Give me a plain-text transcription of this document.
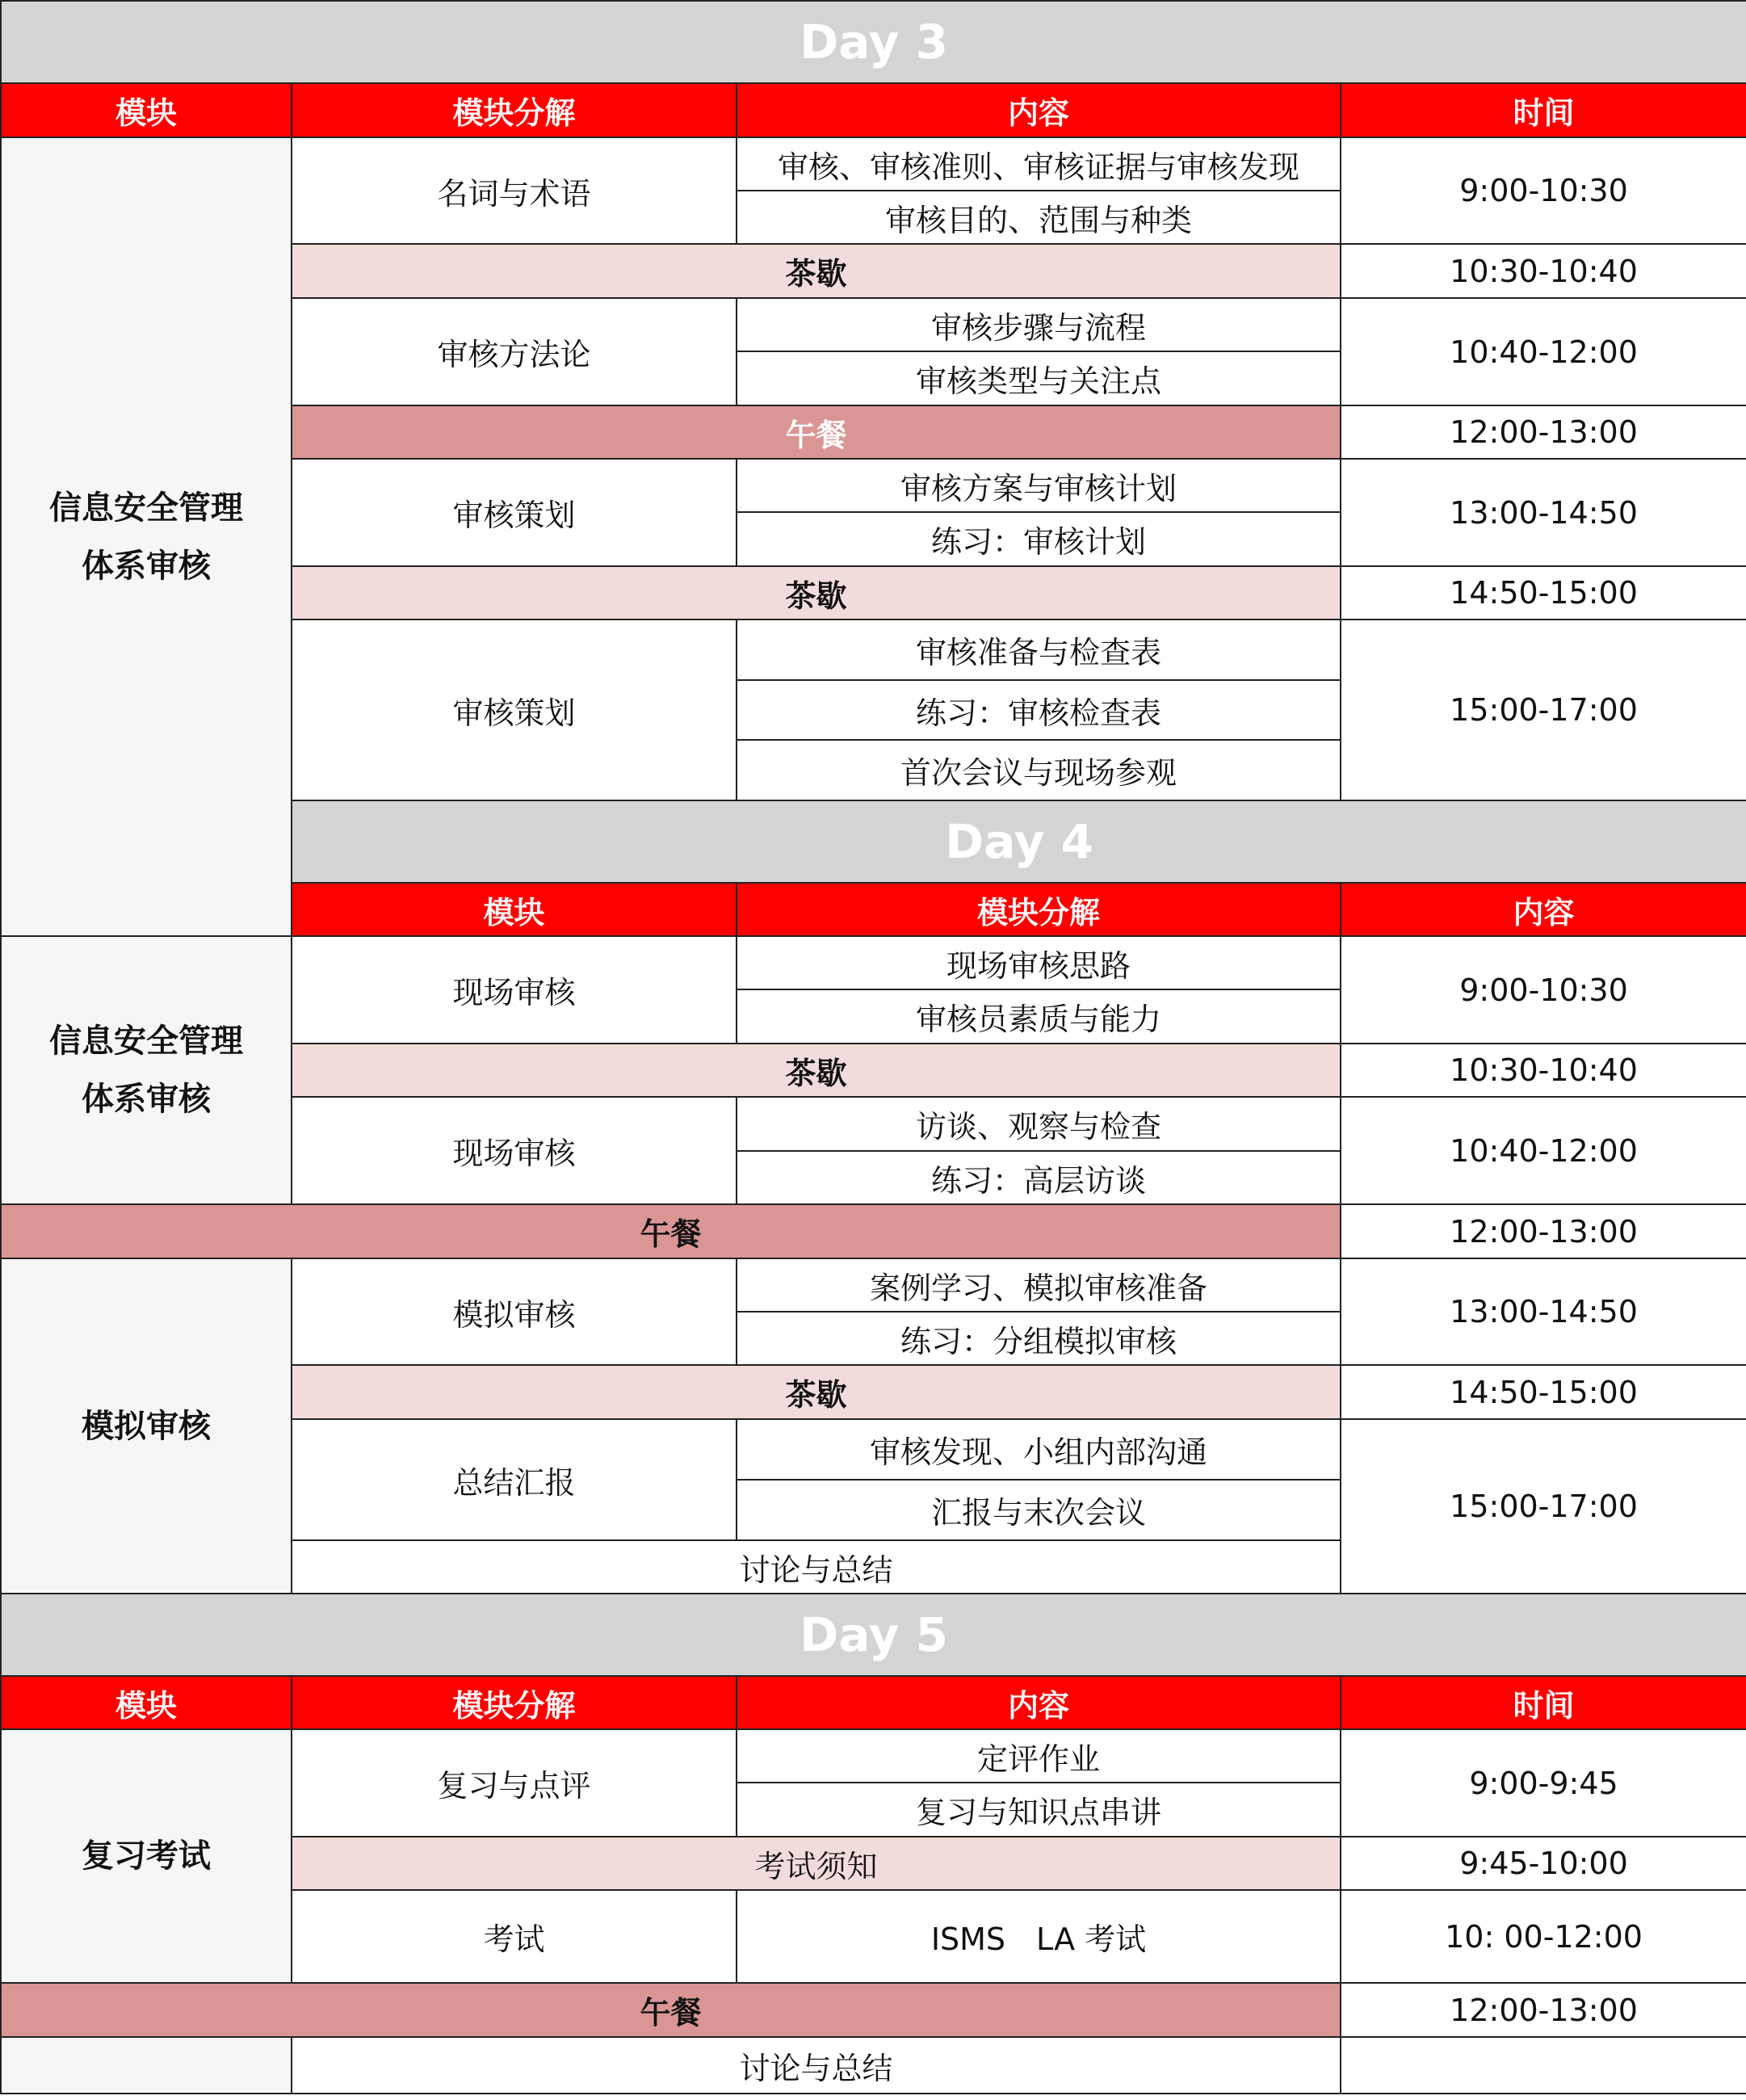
Day 3				
模块	模块分解	内容	时间	

信息安全管理
体系审核	名词与术语	审核、审核准则、审核证据与审核发现	9:00-10:30	
		审核目的、范围与种类		
	茶歇		10:30-10:40	
	审核方法论	审核步骤与流程	10:40-12:00	
		审核类型与关注点		
	午餐		12:00-13:00	
	审核策划	审核方案与审核计划	13:00-14:50	
		练习：审核计划		
	茶歇		14:50-15:00	
	审核策划	审核准备与检查表	15:00-17:00	
		练习：审核检查表		
		首次会议与现场参观		
	Day 4			
	模块	模块分解	内容	

信息安全管理
体系审核	现场审核	现场审核思路	9:00-10:30	
		审核员素质与能力		
	茶歇		10:30-10:40	
	现场审核	访谈、观察与检查	10:40-12:00	
		练习：高层访谈		
午餐			12:00-13:00	
模拟审核	模拟审核	案例学习、模拟审核准备	13:00-14:50	
		练习：分组模拟审核		
	茶歇		14:50-15:00	
	总结汇报	审核发现、小组内部沟通	15:00-17:00	
		汇报与末次会议		
	讨论与总结			
Day 5				
模块	模块分解	内容	时间	
复习考试	复习与点评	定评作业	9:00-9:45	
		复习与知识点串讲		
	考试须知		9:45-10:00	
	考试	ISMS　LA 考试	10: 00-12:00	
午餐			12:00-13:00	
	讨论与总结			
